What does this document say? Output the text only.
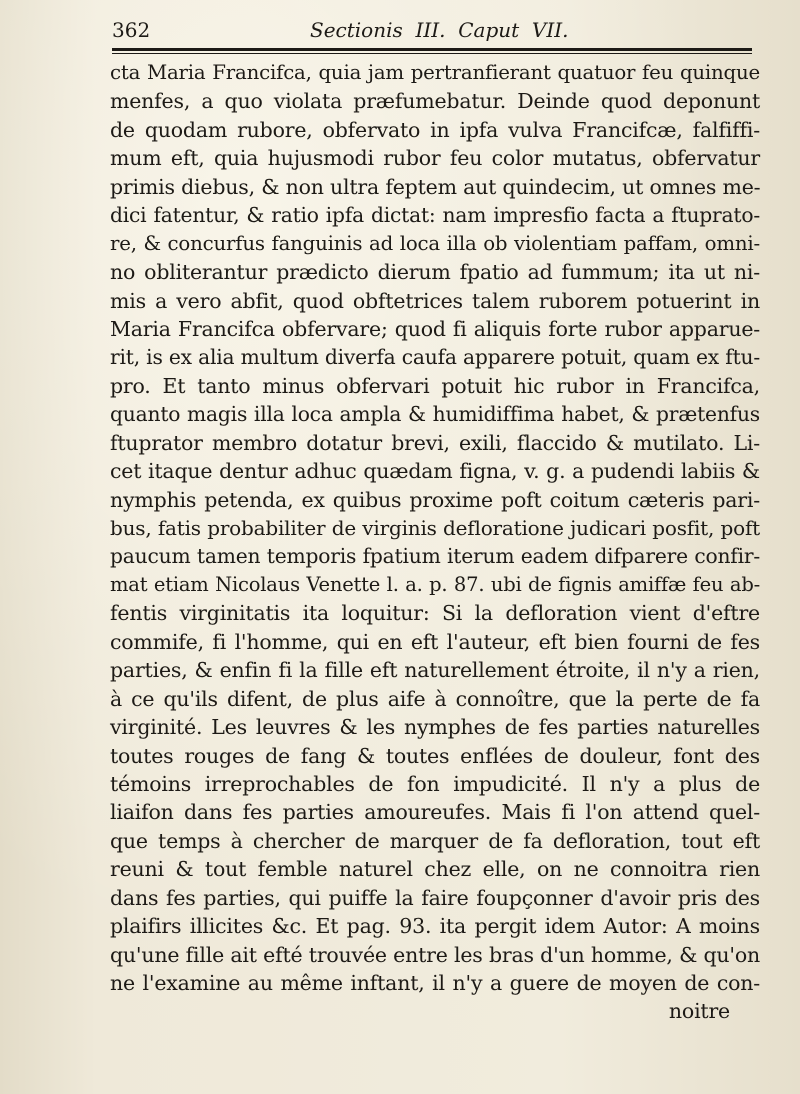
362	Sectionis  III.  Caput  VII.
cta Maria Francifca, quia jam pertranfierant quatuor feu quinque
menfes, a quo violata præfumebatur. Deinde quod deponunt
de quodam rubore, obfervato in ipfa vulva Francifcæ, falfiffi-
mum eft, quia hujusmodi rubor feu color mutatus, obfervatur
primis diebus, & non ultra feptem aut quindecim, ut omnes me-
dici fatentur, & ratio ipfa dictat: nam impresfio facta a ftuprato-
re, & concurfus fanguinis ad loca illa ob violentiam paffam, omni-
no obliterantur prædicto dierum fpatio ad fummum; ita ut ni-
mis a vero abfit, quod obftetrices talem ruborem potuerint in
Maria Francifca obfervare; quod fi aliquis forte rubor apparue-
rit, is ex alia multum diverfa caufa apparere potuit, quam ex ftu-
pro. Et tanto minus obfervari potuit hic rubor in Francifca,
quanto magis illa loca ampla & humidiffima habet, & prætenfus
ftuprator membro dotatur brevi, exili, flaccido & mutilato. Li-
cet itaque dentur adhuc quædam figna, v. g. a pudendi labiis &
nymphis petenda, ex quibus proxime poft coitum cæteris pari-
bus, fatis probabiliter de virginis defloratione judicari posfit, poft
paucum tamen temporis fpatium iterum eadem difparere confir-
mat etiam Nicolaus Venette l. a. p. 87. ubi de fignis amiffæ feu ab-
fentis virginitatis ita loquitur: Si la defloration vient d'eftre
commife, fi l'homme, qui en eft l'auteur, eft bien fourni de fes
parties, & enfin fi la fille eft naturellement étroite, il n'y a rien,
à ce qu'ils difent, de plus aife à connoître, que la perte de fa
virginité. Les leuvres & les nymphes de fes parties naturelles
toutes rouges de fang & toutes enflées de douleur, font des
témoins irreprochables de fon impudicité. Il n'y a plus de
liaifon dans fes parties amoureufes. Mais fi l'on attend quel-
que temps à chercher de marquer de fa defloration, tout eft
reuni & tout femble naturel chez elle, on ne connoitra rien
dans fes parties, qui puiffe la faire foupçonner d'avoir pris des
plaifirs illicites &c. Et pag. 93. ita pergit idem Autor: A moins
qu'une fille ait efté trouvée entre les bras d'un homme, & qu'on
ne l'examine au même inftant, il n'y a guere de moyen de con-
noitre
